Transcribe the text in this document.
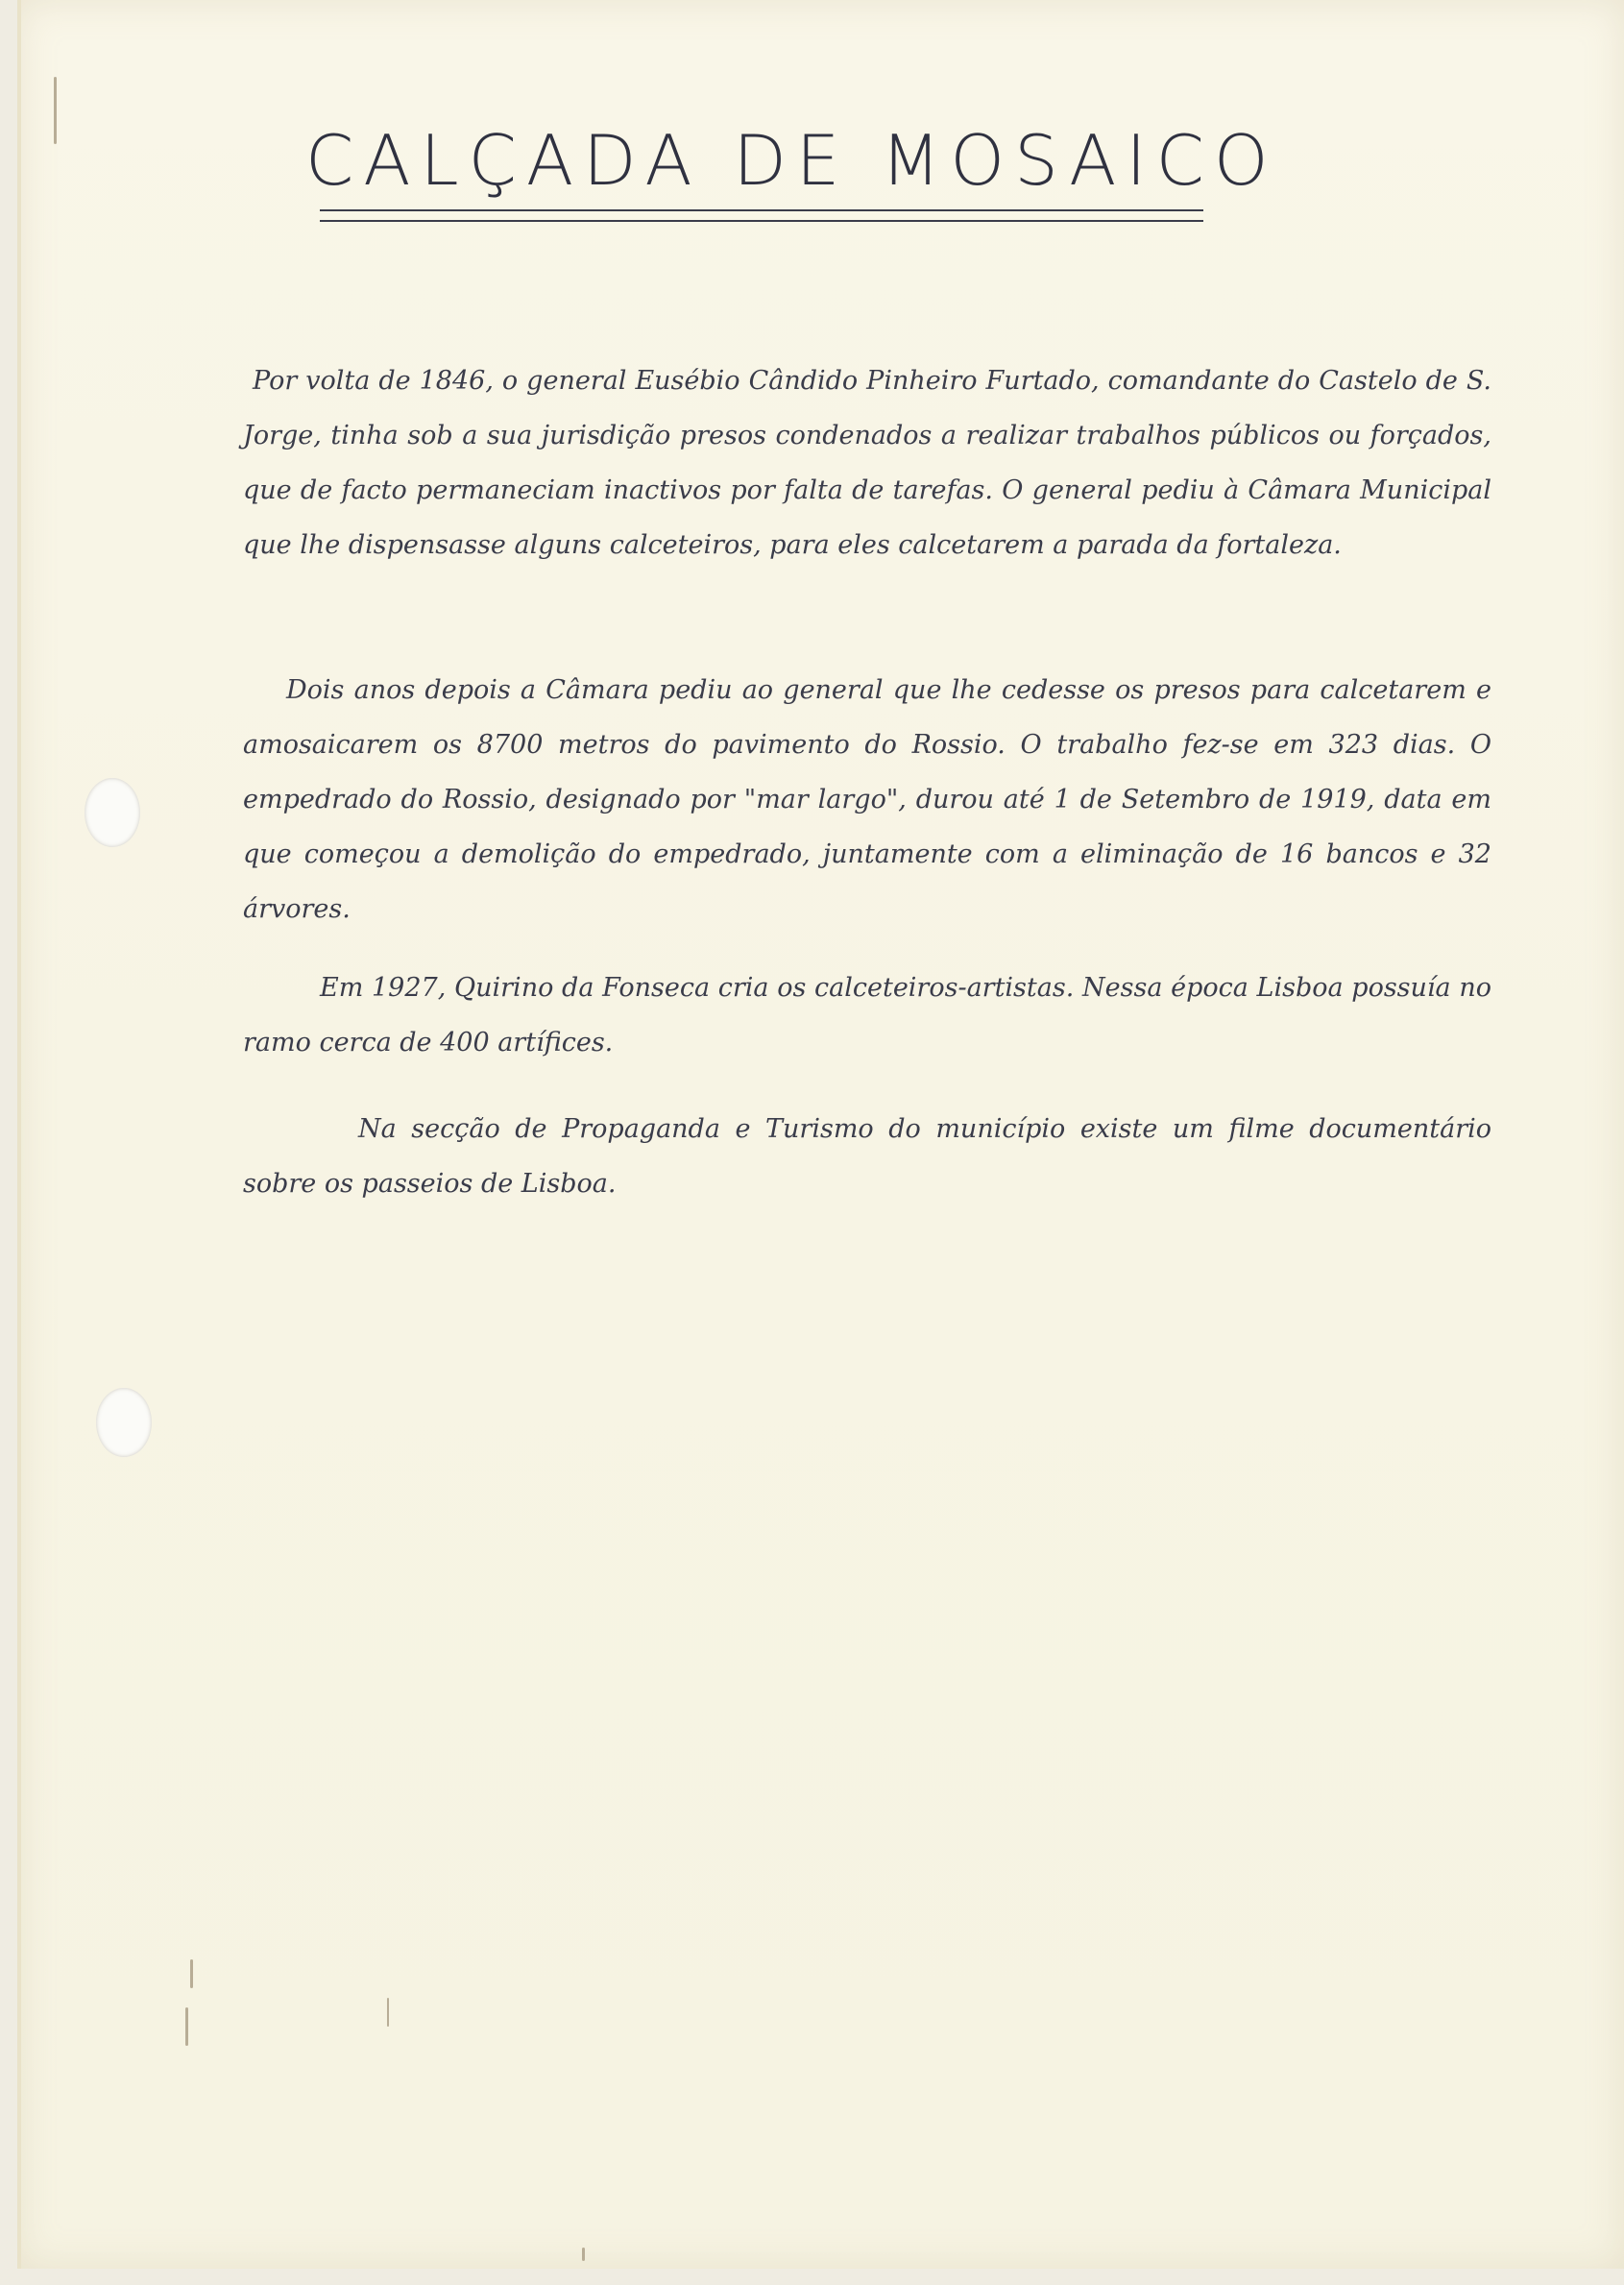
CALÇADA DE MOSAICO

Por volta de 1846, o general Eusébio Cândido Pinheiro Furtado, comandante do Castelo de S. Jorge, tinha sob a sua jurisdição presos condenados a realizar trabalhos públicos ou forçados, que de facto permaneciam inactivos por falta de tarefas. O general pediu à Câmara Municipal que lhe dispensasse alguns calceteiros, para eles calcetarem a parada da fortaleza.

Dois anos depois a Câmara pediu ao general que lhe cedesse os presos para calcetarem e amosaicarem os 8700 metros do pavimento do Rossio. O trabalho fez-se em 323 dias. O empedrado do Rossio, designado por "mar largo", durou até 1 de Setembro de 1919, data em que começou a demolição do empedrado, juntamente com a eliminação de 16 bancos e 32 árvores.

Em 1927, Quirino da Fonseca cria os calceteiros-artistas. Nessa época Lisboa possuía no ramo cerca de 400 artífices.

Na secção de Propaganda e Turismo do município existe um filme documentário sobre os passeios de Lisboa.
